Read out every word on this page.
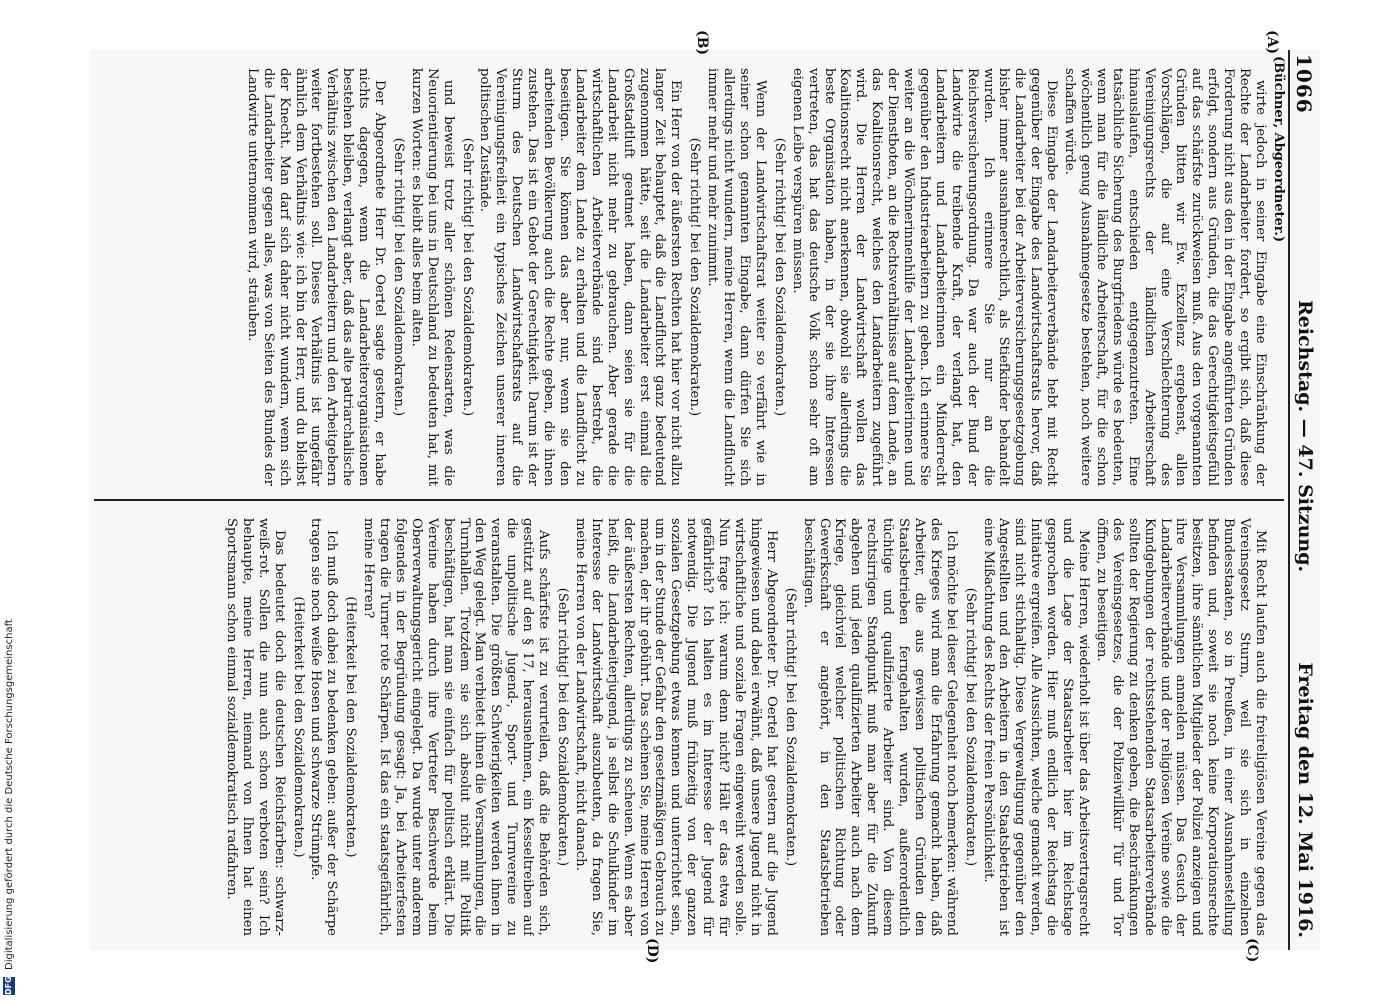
1066
Reichstag. — 47. Sitzung.
Freitag den 12. Mai 1916.
(Büchner, Abgeordneter.)
(A)
(B)
(C)
(D)

wirte jedoch in seiner Eingabe eine Einschränkung der Rechte der Landarbeiter fordert, so ergibt sich, daß diese Forderung nicht aus den in der Eingabe angeführten Gründen erfolgt, sondern aus Gründen, die das Gerechtigkeitsgefühl auf das schärfste zurückweisen muß. Aus den vorgenannten Gründen bitten wir Ew. Exzellenz ergebenst, allen Vorschlägen, die auf eine Verschlechterung des Vereinigungsrechts der ländlichen Arbeiterschaft hinauslaufen, entschieden entgegenzutreten. Eine tatsächliche Sicherung des Burgfriedens würde es bedeuten, wenn man für die ländliche Arbeiterschaft, für die schon wöchentlich genug Ausnahmegesetze bestehen, noch weitere schaffen würde.

Diese Eingabe der Landarbeiterverbände hebt mit Recht gegenüber der Eingabe des Landwirtschaftsrats hervor, daß die Landarbeiter bei der Arbeiterversicherungsgesetzgebung bisher immer ausnahmerechtlich, als Stiefkinder behandelt wurden. Ich erinnere Sie nur an die Reichsversicherungsordnung. Da war auch der Bund der Landwirte die treibende Kraft, der verlangt hat, den Landarbeitern und Landarbeiterinnen ein Minderrecht gegenüber den Industriearbeitern zu geben. Ich erinnere Sie weiter an die Wöchnerinnenhilfe der Landarbeiterinnen und der Dienstboten, an die Rechtsverhältnisse auf dem Lande, an das Koalitionsrecht, welches den Landarbeitern zugeführt wird. Die Herren der Landwirtschaft wollen das Koalitionsrecht nicht anerkennen, obwohl sie allerdings die beste Organisation haben, in der sie ihre Interessen vertreten, das hat das deutsche Volk schon sehr oft am eigenen Leibe verspüren müssen.

(Sehr richtig! bei den Sozialdemokraten.)

Wenn der Landwirtschaftsrat weiter so verfährt wie in seiner schon genannten Eingabe, dann dürfen Sie sich allerdings nicht wundern, meine Herren, wenn die Landflucht immer mehr und mehr zunimmt.

(Sehr richtig! bei den Sozialdemokraten.)

Ein Herr von der äußersten Rechten hat hier vor nicht allzu langer Zeit behauptet, daß die Landflucht ganz bedeutend zugenommen hätte, seit die Landarbeiter erst einmal die Großstadtluft geatmet haben, dann seien sie für die Landarbeit nicht mehr zu gebrauchen. Aber gerade die wirtschaftlichen Arbeiterverbände sind bestrebt, die Landarbeiter dem Lande zu erhalten und die Landflucht zu beseitigen. Sie können das aber nur, wenn sie den arbeitenden Bevölkerung auch die Rechte geben, die ihnen zustehen. Das ist ein Gebot der Gerechtigkeit. Darum ist der Sturm des Deutschen Landwirtschaftsrats auf die Vereinigungsfreiheit ein typisches Zeichen unserer inneren politischen Zustände.

(Sehr richtig! bei den Sozialdemokraten.)

und beweist trotz aller schönen Redensarten, was die Neuorientierung bei uns in Deutschland zu bedeuten hat, mit kurzen Worten: es bleibt alles beim alten.

(Sehr richtig! bei den Sozialdemokraten.)

Der Abgeordnete Herr Dr. Oertel sagte gestern, er habe nichts dagegen, wenn die Landarbeiterorganisationen bestehen bleiben, verlangt aber, daß das alte patriarchalische Verhältnis zwischen den Landarbeitern und den Arbeitgebern weiter fortbestehen soll. Dieses Verhältnis ist ungefähr ähnlich dem Verhältnis wie: ich bin der Herr, und du bleibst der Knecht. Man darf sich daher nicht wundern, wenn sich die Landarbeiter gegen alles, was von Seiten des Bundes der Landwirte unternommen wird, sträuben.

Mit Recht laufen auch die freireligiösen Vereine gegen das Vereinsgesetz Sturm, weil sie sich in einzelnen Bundesstaaten, so in Preußen, in einer Ausnahmestellung befinden und, soweit sie noch keine Korporationsrechte besitzen, ihre sämtlichen Mitglieder der Polizei anzeigen und ihre Versammlungen anmelden müssen. Das Gesuch der Landarbeiterverbände und der religiösen Vereine sowie die Kundgebungen der rechtsstehenden Staatsarbeiterverbände sollten der Regierung zu denken geben, die Beschränkungen des Vereinsgesetzes, die der Polizeiwillkür Tür und Tor öffnen, zu beseitigen.

Meine Herren, wiederholt ist über das Arbeitsvertragsrecht und die Lage der Staatsarbeiter hier im Reichstage gesprochen worden. Hier muß endlich der Reichstag die Initiative ergreifen. Alle Aussichten, welche gemacht werden, sind nicht stichhaltig. Diese Vergewaltigung gegenüber den Angestellten und den Arbeitern in den Staatsbetrieben ist eine Mißachtung des Rechts der freien Persönlichkeit.

(Sehr richtig! bei den Sozialdemokraten.)

Ich möchte bei dieser Gelegenheit noch bemerken: während des Krieges wird man die Erfahrung gemacht haben, daß Arbeiter, die aus gewissen politischen Gründen den Staatsbetrieben ferngehalten wurden, außerordentlich tüchtige und qualifizierte Arbeiter sind. Von diesem rechtsirrigen Standpunkt muß man aber für die Zukunft abgehen und jeden qualifizierten Arbeiter auch nach dem Kriege, gleichviel welcher politischen Richtung oder Gewerkschaft er angehört, in den Staatsbetrieben beschäftigen.

(Sehr richtig! bei den Sozialdemokraten.)

Herr Abgeordneter Dr. Oertel hat gestern auf die Jugend hingewiesen und dabei erwähnt, daß unsere Jugend nicht in wirtschaftliche und soziale Fragen eingeweiht werden solle. Nun frage ich: warum denn nicht? Hält er das etwa für gefährlich? Ich halten es im Interesse der Jugend für notwendig. Die Jugend muß frühzeitig von der ganzen sozialen Gesetzgebung etwas kennen und unterrichtet sein, um in der Stunde der Gefahr den gesetzmäßigen Gebrauch zu machen, der ihr gebührt. Das scheinen Sie, meine Herren von der äußersten Rechten, allerdings zu scheuen. Wenn es aber heißt, die Landarbeiterjugend, ja selbst die Schulkinder im Interesse der Landwirtschaft auszubeuten, da fragen Sie, meine Herren von der Landwirtschaft, nicht danach.

(Sehr richtig! bei den Sozialdemokraten.)

Aufs schärfste ist zu verurteilen, daß die Behörden sich, gestützt auf den § 17, herausnehmen, ein Kesseltreiben auf die unpolitische Jugend-, Sport- und Turnvereine zu veranstalten. Die größten Schwierigkeiten werden ihnen in den Weg gelegt. Man verbietet ihnen die Versammlungen, die Turnhallen. Trotzdem sie sich absolut nicht mit Politik beschäftigen, hat man sie einfach für politisch erklärt. Die Vereine haben durch ihre Vertreter Beschwerde beim Oberverwaltungsgericht eingelegt. Da wurde unter anderem folgendes in der Begründung gesagt: Ja, bei Arbeiterfesten tragen die Turner rote Schärpen. Ist das ein staatsgefährlich, meine Herren?

(Heiterkeit bei den Sozialdemokraten.)

Ich muß doch dabei zu bedenken geben: außer der Schärpe tragen sie noch weiße Hosen und schwarze Strümpfe.

(Heiterkeit bei den Sozialdemokraten.)

Das bedeutet doch die deutschen Reichsfarben: schwarz-weiß-rot. Sollen die nun auch schon verboten sein? Ich behaupte, meine Herren, niemand von Ihnen hat einen Sportsmann schon einmal sozialdemokratisch radfahren.

DFG
Digitalisierung gefördert durch die Deutsche Forschungsgemeinschaft
